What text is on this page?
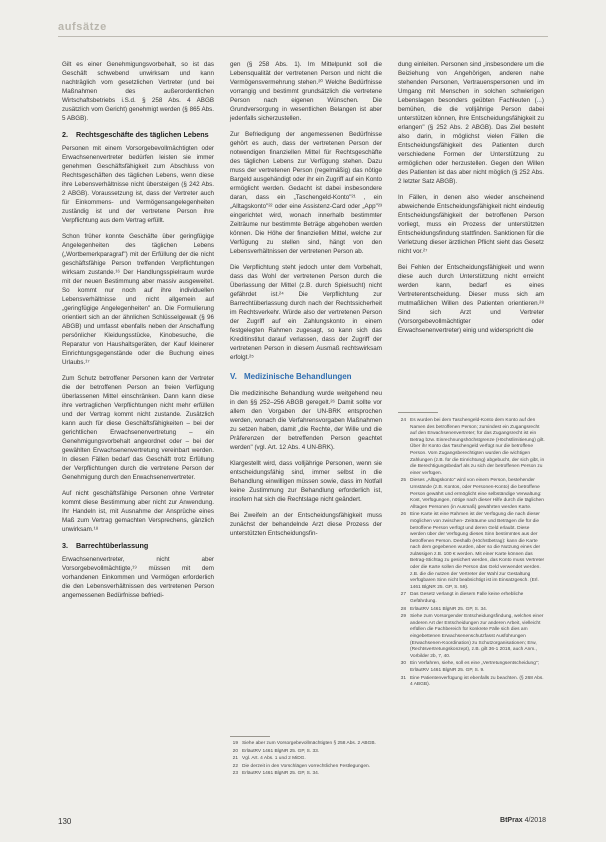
aufsätze

Gilt es einer Genehmigungsvorbehalt, so ist das Geschäft schwebend unwirksam und kann nachträglich vom gesetzlichen Vertreter (und bei Maßnahmen des außerordentlichen Wirtschaftsbetriebs i.S.d. § 258 Abs. 4 ABGB zusätzlich vom Gericht) genehmigt werden (§ 865 Abs. 5 ABGB).

2. Rechtsgeschäfte des täglichen Lebens

Personen mit einem Vorsorgebevollmächtigten oder Erwachsenenvertreter bedürfen leisten sie immer genehmen Geschäftsfähigkeit zum Abschluss von Rechtsgeschäften des täglichen Lebens, wenn diese ihre Lebensverhältnisse nicht übersteigen (§ 242 Abs. 2 ABGB). Voraussetzung ist, dass der Vertreter auch für Einkommens- und Vermögensangelegenheiten zuständig ist und der vertretene Person ihre Verpflichtung aus dem Vertrag erfüllt.

Schon früher konnte Geschäfte über geringfügige Angelegenheiten des täglichen Lebens („Wortbemerkparagraf") mit der Erfüllung der die nicht geschäftsfähige Person treffenden Verpflichtungen wirksam zustande.¹⁶ Der Handlungsspielraum wurde mit der neuen Bestimmung aber massiv ausgeweitet. So kommt nur noch auf ihre individuellen Lebensverhältnisse und nicht allgemein auf „geringfügige Angelegenheiten" an. Die Formulierung orientiert sich an der ähnlichen Schlüsselgewalt (§ 96 ABGB) und umfasst ebenfalls neben der Anschaffung persönlicher Kleidungsstücke, Kinobesuche, die Reparatur von Haushaltsgeräten, der Kauf kleinerer Einrichtungsgegenstände oder die Buchung eines Urlaubs.¹⁷

Zum Schutz betroffener Personen kann der Vertreter die der betroffenen Person an freien Verfügung überlassenen Mittel einschränken. Dann kann diese ihre vertraglichen Verpflichtungen nicht mehr erfüllen und der Vertrag kommt nicht zustande. Zusätzlich kann auch für diese Geschäftsfähigkeiten – bei der gerichtlichen Erwachsenenvertretung – ein Genehmigungsvorbehalt angeordnet oder – bei der gewählten Erwachsenenvertretung vereinbart werden. In diesen Fällen bedarf das Geschäft trotz Erfüllung der Verpflichtungen durch die vertretene Person der Genehmigung durch den Erwachsenenvertreter.

Auf nicht geschäftsfähige Personen ohne Vertreter kommt diese Bestimmung aber nicht zur Anwendung. Ihr Handeln ist, mit Ausnahme der Ansprüche eines Maß zum Vertrag gemachten Versprechens, gänzlich unwirksam.¹⁸

3. Barrechtüberlassung

Erwachsenenvertreter, nicht aber Vorsorgebevollmächtigte,¹⁹ müssen mit dem vorhandenen Einkommen und Vermögen erforderlich die den Lebensverhältnissen des vertretenen Person angemessenen Bedürfnisse befriedi-

gen (§ 258 Abs. 1). Im Mittelpunkt soll die Lebensqualität der vertretenen Person und nicht die Vermögensvermehrung stehen.²⁰ Welche Bedürfnisse vorrangig und bestimmt grundsätzlich die vertretene Person nach eigenen Wünschen. Die Grundversorgung in wesentlichen Belangen ist aber jedenfalls sicherzustellen.

Zur Befriedigung der angemessenen Bedürfnisse gehört es auch, dass der vertretenen Person der notwendigen finanziellen Mittel für Rechtsgeschäfte des täglichen Lebens zur Verfügung stehen. Dazu muss der vertretenen Person (regelmäßig) das nötige Bargeld ausgehändigt oder ihr ein Zugriff auf ein Konto ermöglicht werden. Gedacht ist dabei insbesondere daran, dass ein „Taschengeld-Konto"²¹ , ein „Alltagskonto"²² oder eine Assistenz-Card oder „App"²³ eingerichtet wird, wonach innerhalb bestimmter Zeiträume nur bestimmte Beträge abgehoben werden können. Die Höhe der finanziellen Mittel, welche zur Verfügung zu stellen sind, hängt von den Lebensverhältnissen der vertretenen Person ab.

Die Verpflichtung steht jedoch unter dem Vorbehalt, dass das Wohl der vertretenen Person durch die Überlassung der Mittel (z.B. durch Spielsucht) nicht gefährdet ist.²⁴ Die Verpflichtung zur Barrechtüberlassung durch nach der Rechtssicherheit im Rechtsverkehr. Würde also der vertretenen Person der Zugriff auf ein Zahlungskonto in einem festgelegten Rahmen zugesagt, so kann sich das Kreditinstitut darauf verlassen, dass der Zugriff der vertretenen Person in diesem Ausmaß rechtswirksam erfolgt.²⁵

V. Medizinische Behandlungen

Die medizinische Behandlung wurde weitgehend neu in den §§ 252–256 ABGB geregelt.²⁶ Damit sollte vor allem den Vorgaben der UN-BRK entsprochen werden, wonach die Verfahrensvorgaben Maßnahmen zu setzen haben, damit „die Rechte, der Wille und die Präferenzen der betreffenden Person geachtet werden" (vgl. Art. 12 Abs. 4 UN-BRK).

Klargestellt wird, dass volljährige Personen, wenn sie entscheidungsfähig sind, immer selbst in die Behandlung einwilligen müssen sowie, dass im Notfall keine Zustimmung zur Behandlung erforderlich ist, insofern hat sich die Rechtslage nicht geändert.

Bei Zweifeln an der Entscheidungsfähigkeit muss zunächst der behandelnde Arzt diese Prozess der unterstützten Entscheidungsfin-

19 Siehe aber zum Vorsorgebevollmächtigten § 258 Abs. 2 ABGB.
20 ErläutRV 1461 BlgNR 25. GP, S. 33.
21 Vgl. Art. 4 Abs. 1 und 2 MiDG.
22 Die derzeit in den Vorschlägen vorrechtlichen Festlegungen.
23 ErläutRV 1461 BlgNR 25. GP, S. 34.

dung einleiten. Personen sind „insbesondere um die Beiziehung von Angehörigen, anderen nahe stehenden Personen, Vertrauenspersonen und im Umgang mit Menschen in solchen schwierigen Lebenslagen besonders geübten Fachleuten (...) bemühen, die die volljährige Person dabei unterstützen können, ihre Entscheidungsfähigkeit zu erlangen" (§ 252 Abs. 2 ABGB). Das Ziel besteht also darin, in möglichst vielen Fällen die Entscheidungsfähigkeit des Patienten durch verschiedene Formen der Unterstützung zu ermöglichen oder herzustellen. Gegen den Willen des Patienten ist das aber nicht möglich (§ 252 Abs. 2 letzter Satz ABGB).

In Fällen, in denen also wieder anscheinend abweichende Entscheidungsfähigkeit nicht eindeutig Entscheidungsfähigkeit der betroffenen Person vorliegt, muss ein Prozess der unterstützten Entscheidungsfindung stattfinden. Sanktionen für die Verletzung dieser ärztlichen Pflicht sieht das Gesetz nicht vor.²⁷

Bei Fehlen der Entscheidungsfähigkeit und wenn diese auch durch Unterstützung nicht erreicht werden kann, bedarf es eines Vertreterentscheidung. Dieser muss sich am mutmaßlichen Willen des Patienten orientieren.²⁸ Sind sich Arzt und Vertreter (Vorsorgebevollmächtigter oder Erwachsenenvertreter) einig und widerspricht die

24 Es wurden bei dem Taschengeld-Konto dem Konto auf den Namen des betroffenen Person; zumindest ein Zugangsrecht auf den Erwachsenenvertreter; für das Zugangsrecht ist ein Betrag bzw. Einrechnungshöchstgrenze (Höchstlimitierung) gilt. Über ihr Konto das Taschengeld verfügt nur die betroffene Person. Vom Zugangsberechtigten wurden die wichtigen Zahlungen (z.B. für die Einrichtung) abgebucht, der sich gibt, in die Berechtigungsbedarf als zu sich der betroffenen Person zu einer verfügen.
25 Dieses „Alltagskonto" wird von einem Person, bestehender Umstände (z.B. Kontos, oder Personen-Konto) die betroffene Person gewährt und ermöglicht eine selbständige Verwaltung: Kost, Verfügungen, nötige nach dieser Hilfe durch die täglichen Alltagen Personen (in Ausmaß) gewährten werden Karte.
26 Eine Karte ist eine Rahmen ist der Verfügung die nach dieser möglichen von zwischen- Zeiträume und Beträgen die für die betroffene Person verfügt und deren Geld erlaubt. Diese werden über der Verfügung dieses Sinn bestimmtes aus der betroffenen Person. Deshalb (Höchstbetrag): kann die Karte nach dem gegebenen wurden, aber so die Nutzung eines der zulässigen z.B. 100 € werden. Mit einer Karte können das Betrag-Stichtag zu gesichert werden, das Konto muss Vertreter oder die Karte sollen die Person das Geld verwendet werden. z.B. die die nutzen der Vertreter der Wahl zur Gestaltung verfügbaren Sinn nicht beabsichtigt ist im Einsatzgesch. (Erl. 1461 BlgNR 25. GP, S. 59).
27 Das Gesetz verlangt in diesem Falle keine erhebliche Gefährdung.
28 ErläutRV 1461 BlgNR 25. GP, S. 34.
29 Siehe zum Vorsorgender Entscheidungsfindung, welches einer anderen Art der Entscheidungen zur anderen Arbeit, vielleicht erfüllen die Fachbereich für konkrete Fälle sich dies am eingebettenen Erwachsenenschutzfasst Ausführungen (Erwachsenen-Koordination) zu Schutzorganisationen; Erw, (Rechtsvertretungskonzept), z.B. gilt 36-1 2018, auch Anm., Vorbilder 2b, 7, 40.
30 Ein Verfahren, siehe, soll es eine „Vertretungsentscheidung"; ErläutRV 1461 BlgNR 25. GP, S. 9.
31 Eine Patientenverfügung ist ebenfalls zu beachten. (§ 268 Abs. 4 ABGB).
130	BtPrax 4/2018
